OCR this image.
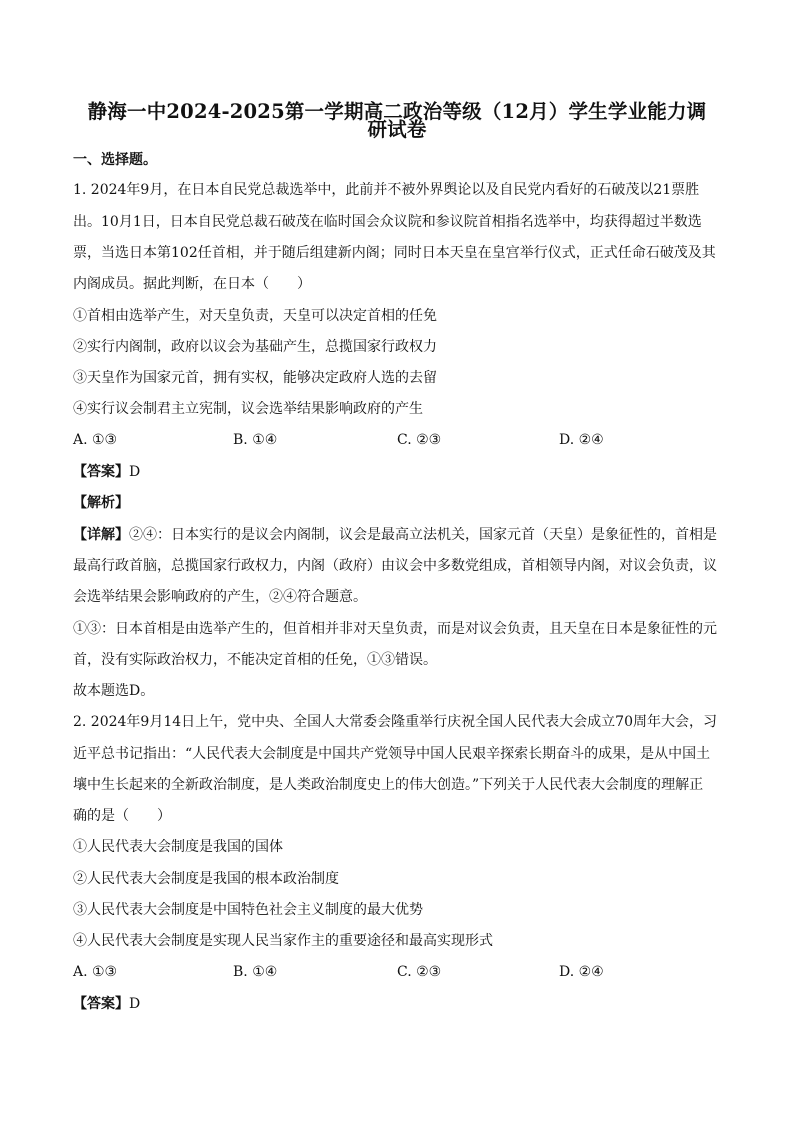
静海一中2024-2025第一学期高二政治等级（12月）学生学业能力调
研试卷
一、选择题。
1. 2024年9月，在日本自民党总裁选举中，此前并不被外界舆论以及自民党内看好的石破茂以21票胜
出。10月1日，日本自民党总裁石破茂在临时国会众议院和参议院首相指名选举中，均获得超过半数选
票，当选日本第102任首相，并于随后组建新内阁；同时日本天皇在皇宫举行仪式，正式任命石破茂及其
内阁成员。据此判断，在日本（　　）
①首相由选举产生，对天皇负责，天皇可以决定首相的任免
②实行内阁制，政府以议会为基础产生，总揽国家行政权力
③天皇作为国家元首，拥有实权，能够决定政府人选的去留
④实行议会制君主立宪制，议会选举结果影响政府的产生
A. ①③	B. ①④	C. ②③	D. ②④
【答案】D
【解析】
【详解】②④：日本实行的是议会内阁制，议会是最高立法机关，国家元首（天皇）是象征性的，首相是
最高行政首脑，总揽国家行政权力，内阁（政府）由议会中多数党组成，首相领导内阁，对议会负责，议
会选举结果会影响政府的产生，②④符合题意。
①③：日本首相是由选举产生的，但首相并非对天皇负责，而是对议会负责，且天皇在日本是象征性的元
首，没有实际政治权力，不能决定首相的任免，①③错误。
故本题选D。
2. 2024年9月14日上午，党中央、全国人大常委会隆重举行庆祝全国人民代表大会成立70周年大会，习
近平总书记指出：“人民代表大会制度是中国共产党领导中国人民艰辛探索长期奋斗的成果，是从中国土
壤中生长起来的全新政治制度，是人类政治制度史上的伟大创造。”下列关于人民代表大会制度的理解正
确的是（　　）
①人民代表大会制度是我国的国体
②人民代表大会制度是我国的根本政治制度
③人民代表大会制度是中国特色社会主义制度的最大优势
④人民代表大会制度是实现人民当家作主的重要途径和最高实现形式
A. ①③	B. ①④	C. ②③	D. ②④
【答案】D
